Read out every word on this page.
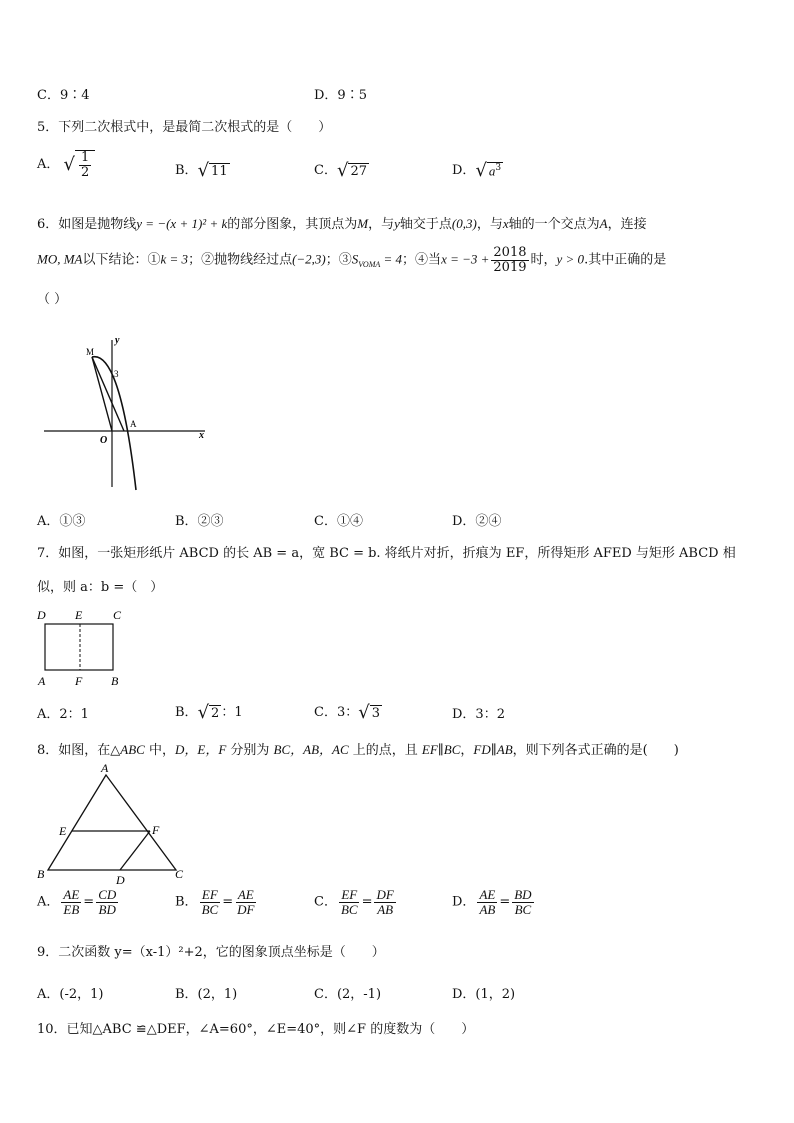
C．9∶4	D．9∶5
5．下列二次根式中，是最简二次根式的是（　　）
A． √ $\frac{1}{2}$	B．√ 11	C．√ 27	D．√ $a^3$
6．如图是抛物线y = −(x + 1)² + k的部分图象，其顶点为M，与y轴交于点(0,3)，与x轴的一个交点为A，连接
MO, MA以下结论：①k = 3；②抛物线经过点(−2,3)；$③S_{VOMA} = 4$；④当$x = -3 + \frac{2018}{2019}$ 时，y > 0.其中正确的是
（ ）
y
M
3
A
O	x
A．①③	B．②③	C．①④	D．②④
7．如图，一张矩形纸片 ABCD 的长 AB = a，宽 BC = b. 将纸片对折，折痕为 EF，所得矩形 AFED 与矩形 ABCD 相
似，则 a：b =（　）
D E	C
A F B
A．2：1	B．√ 2 ：1	C．3：√ 3	D．3：2
8．如图，在△ABC 中，D，E，F 分别为 BC，AB，AC 上的点，且 EF∥BC，FD∥AB，则下列各式正确的是(　　)
A
E	F
B	D	C
A． $\frac{AE}{EB} = \frac{CD}{BD}$	B． $\frac{EF}{BC} = \frac{AE}{DF}$	C． $\frac{EF}{BC} = \frac{DF}{AB}$	D． $\frac{AE}{AB} = \frac{BD}{BC}$
9．二次函数 y=（x-1）²+2，它的图象顶点坐标是（　　）
A．(-2，1)	B．(2，1)	C．(2，-1)	D．(1，2)
10．已知△ABC ≌△DEF，∠A=60°，∠E=40°，则∠F 的度数为（　　）
